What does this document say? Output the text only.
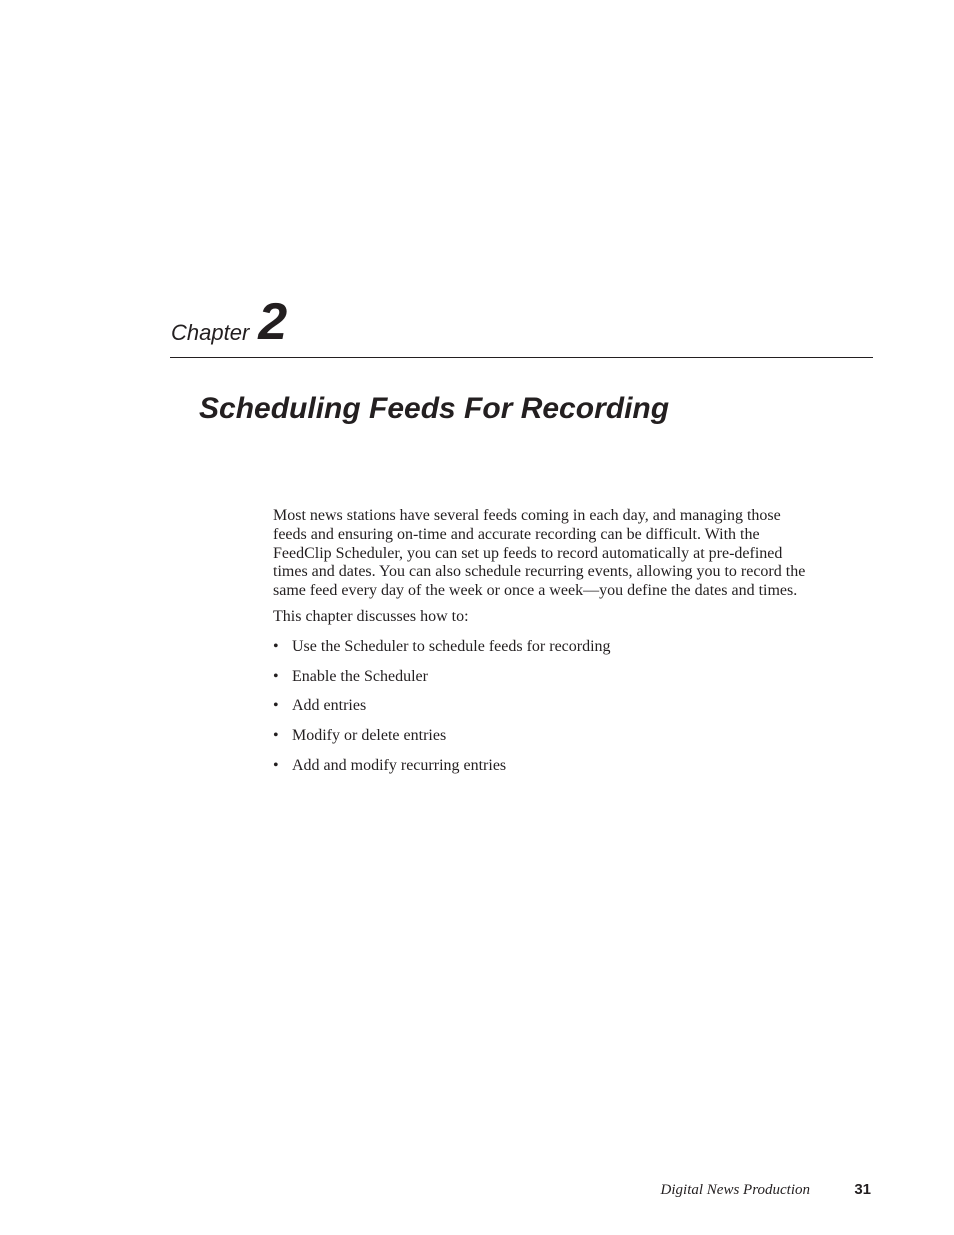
Chapter 2
Scheduling Feeds For Recording

Most news stations have several feeds coming in each day, and managing those feeds and ensuring on-time and accurate recording can be difficult. With the FeedClip Scheduler, you can set up feeds to record automatically at pre-defined times and dates. You can also schedule recurring events, allowing you to record the same feed every day of the week or once a week—you define the dates and times.

This chapter discusses how to:

• Use the Scheduler to schedule feeds for recording
• Enable the Scheduler
• Add entries
• Modify or delete entries
• Add and modify recurring entries
Digital News Production	31
